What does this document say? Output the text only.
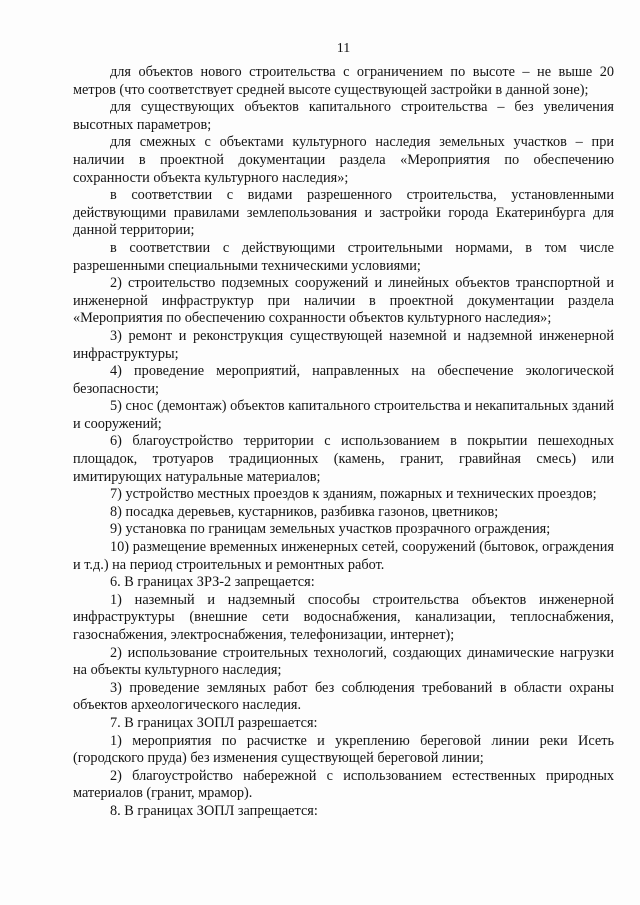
11

для объектов нового строительства с ограничением по высоте – не выше 20 метров (что соответствует средней высоте существующей застройки в данной зоне);

для существующих объектов капитального строительства – без увеличения высотных параметров;

для смежных с объектами культурного наследия земельных участков – при наличии в проектной документации раздела «Мероприятия по обеспечению сохранности объекта культурного наследия»;

в соответствии с видами разрешенного строительства, установленными действующими правилами землепользования и застройки города Екатеринбурга для данной территории;

в соответствии с действующими строительными нормами, в том числе разрешенными специальными техническими условиями;

2) строительство подземных сооружений и линейных объектов транспортной и инженерной инфраструктур при наличии в проектной документации раздела «Мероприятия по обеспечению сохранности объектов культурного наследия»;

3) ремонт и реконструкция существующей наземной и надземной инженерной инфраструктуры;

4) проведение мероприятий, направленных на обеспечение экологической безопасности;

5) снос (демонтаж) объектов капитального строительства и некапитальных зданий и сооружений;

6) благоустройство территории с использованием в покрытии пешеходных площадок, тротуаров традиционных (камень, гранит, гравийная смесь) или имитирующих натуральные материалов;

7) устройство местных проездов к зданиям, пожарных и технических проездов;

8) посадка деревьев, кустарников, разбивка газонов, цветников;

9) установка по границам земельных участков прозрачного ограждения;

10) размещение временных инженерных сетей, сооружений (бытовок, ограждения и т.д.) на период строительных и ремонтных работ.

6. В границах ЗРЗ-2 запрещается:

1) наземный и надземный способы строительства объектов инженерной инфраструктуры (внешние сети водоснабжения, канализации, теплоснабжения, газоснабжения, электроснабжения, телефонизации, интернет);

2) использование строительных технологий, создающих динамические нагрузки на объекты культурного наследия;

3) проведение земляных работ без соблюдения требований в области охраны объектов археологического наследия.

7. В границах ЗОПЛ разрешается:

1) мероприятия по расчистке и укреплению береговой линии реки Исеть (городского пруда) без изменения существующей береговой линии;

2) благоустройство набережной с использованием естественных природных материалов (гранит, мрамор).

8. В границах ЗОПЛ запрещается:
